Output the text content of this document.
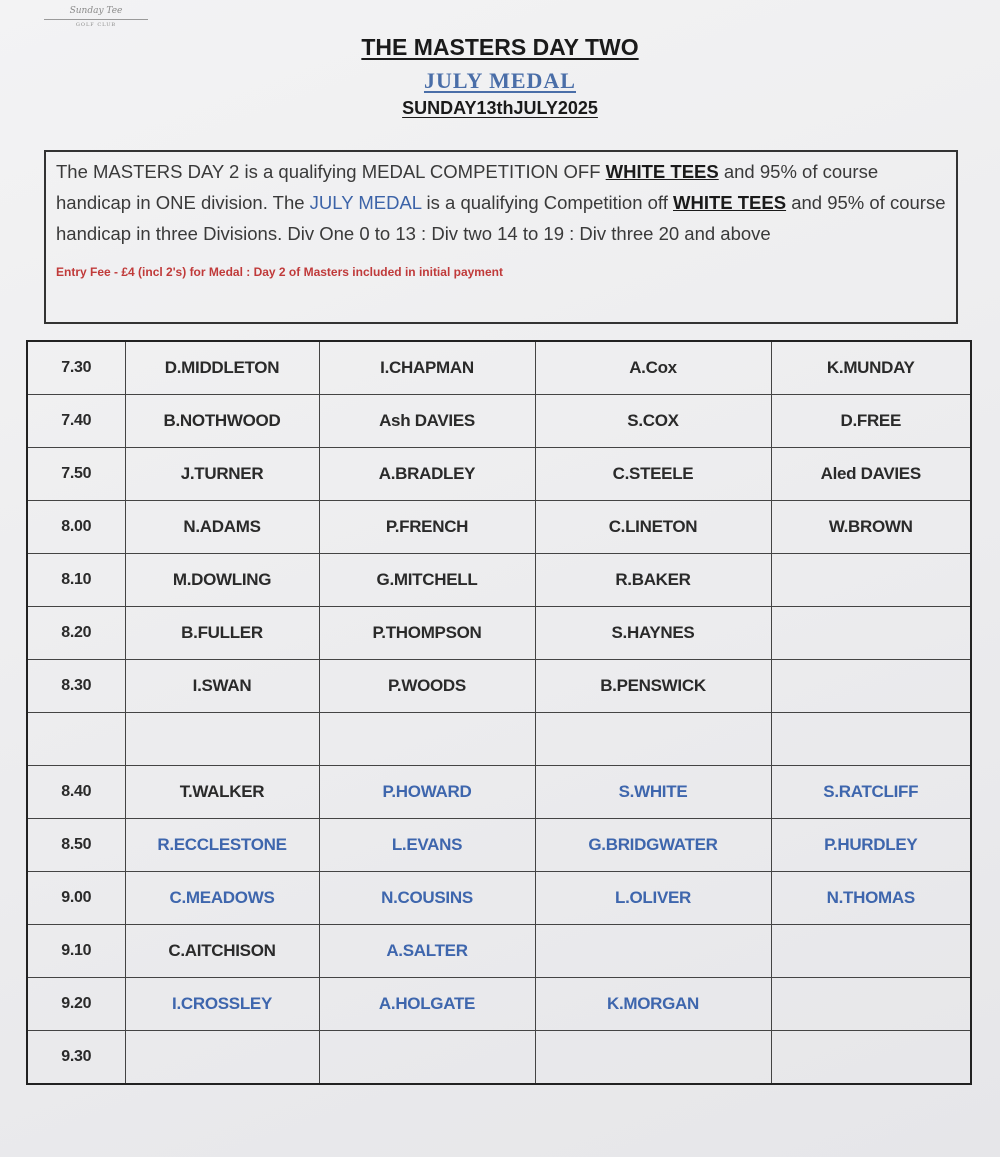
Sunday Tee
GOLF CLUB
THE MASTERS DAY TWO
JULY MEDAL
SUNDAY13thJULY2025
The MASTERS DAY 2 is a qualifying MEDAL COMPETITION OFF WHITE TEES and 95% of course handicap in ONE division. The JULY MEDAL is a qualifying Competition off WHITE TEES and 95% of course handicap in three Divisions. Div One 0 to 13 : Div two 14 to 19 : Div three 20 and above
Entry Fee - £4 (incl 2's) for Medal : Day 2 of Masters included in initial payment
7.30	D.MIDDLETON	I.CHAPMAN	A.Cox	K.MUNDAY
7.40	B.NOTHWOOD	Ash DAVIES	S.COX	D.FREE
7.50	J.TURNER	A.BRADLEY	C.STEELE	Aled DAVIES
8.00	N.ADAMS	P.FRENCH	C.LINETON	W.BROWN
8.10	M.DOWLING	G.MITCHELL	R.BAKER	
8.20	B.FULLER	P.THOMPSON	S.HAYNES	
8.30	I.SWAN	P.WOODS	B.PENSWICK	

8.40	T.WALKER	P.HOWARD	S.WHITE	S.RATCLIFF
8.50	R.ECCLESTONE	L.EVANS	G.BRIDGWATER	P.HURDLEY
9.00	C.MEADOWS	N.COUSINS	L.OLIVER	N.THOMAS
9.10	C.AITCHISON	A.SALTER		
9.20	I.CROSSLEY	A.HOLGATE	K.MORGAN	
9.30				
